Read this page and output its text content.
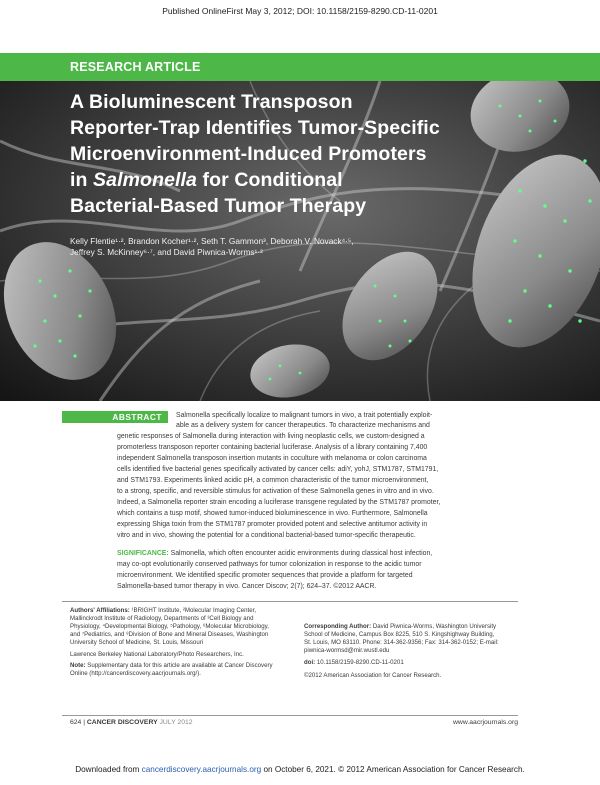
Published OnlineFirst May 3, 2012; DOI: 10.1158/2159-8290.CD-11-0201
RESEARCH ARTICLE
A Bioluminescent Transposon
Reporter-Trap Identifies Tumor-Specific
Microenvironment-Induced Promoters
in Salmonella for Conditional
Bacterial-Based Tumor Therapy
Kelly Flentie¹·², Brandon Kocher¹·², Seth T. Gammon³, Deborah V. Novack⁴·⁵,
Jeffrey S. McKinney⁶·⁷, and David Piwnica-Worms¹·²
ABSTRACT	Salmonella specifically localize to malignant tumors in vivo, a trait potentially exploit-
able as a delivery system for cancer therapeutics. To characterize mechanisms and
genetic responses of Salmonella during interaction with living neoplastic cells, we custom-designed a
promoterless transposon reporter containing bacterial luciferase. Analysis of a library containing 7,400
independent Salmonella transposon insertion mutants in coculture with melanoma or colon carcinoma
cells identified five bacterial genes specifically activated by cancer cells: adiY, yohJ, STM1787, STM1791,
and STM1793. Experiments linked acidic pH, a common characteristic of the tumor microenvironment,
to a strong, specific, and reversible stimulus for activation of these Salmonella genes in vitro and in vivo.
Indeed, a Salmonella reporter strain encoding a luciferase transgene regulated by the STM1787 promoter,
which contains a tusp motif, showed tumor-induced bioluminescence in vivo. Furthermore, Salmonella
expressing Shiga toxin from the STM1787 promoter provided potent and selective antitumor activity in
vitro and in vivo, showing the potential for a conditional bacterial-based tumor-specific therapeutic.
SIGNIFICANCE: Salmonella, which often encounter acidic environments during classical host infection,
may co-opt evolutionarily conserved pathways for tumor colonization in response to the acidic tumor
microenvironment. We identified specific promoter sequences that provide a platform for targeted
Salmonella-based tumor therapy in vivo. Cancer Discov; 2(7); 624–37. ©2012 AACR.
Authors' Affiliations: ¹BRIGHT Institute, ²Molecular Imaging Center,
Mallinckrodt Institute of Radiology, Departments of ³Cell Biology and
Physiology, ⁴Developmental Biology, ⁵Pathology, ⁶Molecular Microbiology,
and ⁷Pediatrics, and ⁸Division of Bone and Mineral Diseases, Washington
University School of Medicine, St. Louis, Missouri
Lawrence Berkeley National Laboratory/Photo Researchers, Inc.
Note: Supplementary data for this article are available at Cancer Discovery
Online (http://cancerdiscovery.aacrjournals.org/).
Corresponding Author: David Piwnica-Worms, Washington University
School of Medicine, Campus Box 8225, 510 S. Kingshighway Building,
St. Louis, MO 63110. Phone: 314-362-9356; Fax: 314-362-0152; E-mail:
piwnica-wormsd@mir.wustl.edu
doi: 10.1158/2159-8290.CD-11-0201
©2012 American Association for Cancer Research.
624 | CANCER DISCOVERY JULY 2012	www.aacrjournals.org
Downloaded from cancerdiscovery.aacrjournals.org on October 6, 2021. © 2012 American Association for Cancer Research.
